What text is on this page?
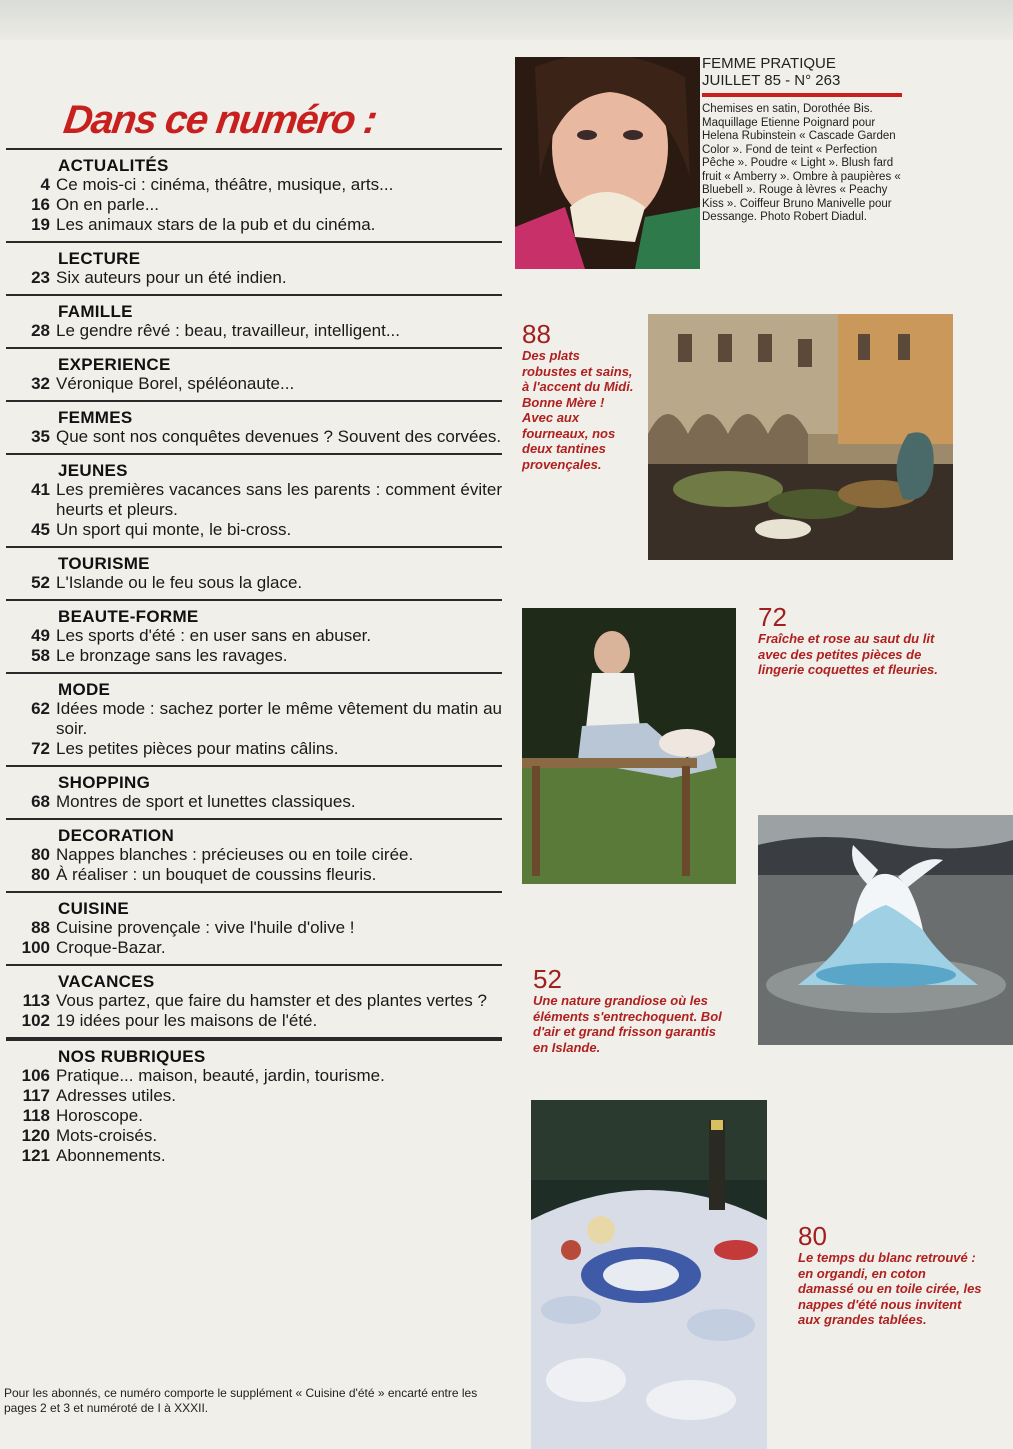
Dans ce numéro :
ACTUALITÉS
4 Ce mois-ci : cinéma, théâtre, musique, arts...
16 On en parle...
19 Les animaux stars de la pub et du cinéma.
LECTURE
23 Six auteurs pour un été indien.
FAMILLE
28 Le gendre rêvé : beau, travailleur, intelligent...
EXPERIENCE
32 Véronique Borel, spéléonaute...
FEMMES
35 Que sont nos conquêtes devenues ? Souvent des corvées.
JEUNES
41 Les premières vacances sans les parents : comment éviter heurts et pleurs.
45 Un sport qui monte, le bi-cross.
TOURISME
52 L'Islande ou le feu sous la glace.
BEAUTE-FORME
49 Les sports d'été : en user sans en abuser.
58 Le bronzage sans les ravages.
MODE
62 Idées mode : sachez porter le même vêtement du matin au soir.
72 Les petites pièces pour matins câlins.
SHOPPING
68 Montres de sport et lunettes classiques.
DECORATION
80 Nappes blanches : précieuses ou en toile cirée.
80 À réaliser : un bouquet de coussins fleuris.
CUISINE
88 Cuisine provençale : vive l'huile d'olive !
100 Croque-Bazar.
VACANCES
113 Vous partez, que faire du hamster et des plantes vertes ?
102 19 idées pour les maisons de l'été.
NOS RUBRIQUES
106 Pratique... maison, beauté, jardin, tourisme.
117 Adresses utiles.
118 Horoscope.
120 Mots-croisés.
121 Abonnements.
Pour les abonnés, ce numéro comporte le supplément « Cuisine d'été » encarté entre les pages 2 et 3 et numéroté de I à XXXII.
FEMME PRATIQUE
JUILLET 85 - N° 263
Chemises en satin, Dorothée Bis. Maquillage Etienne Poignard pour Helena Rubinstein « Cascade Garden Color ». Fond de teint « Perfection Pêche ». Poudre « Light ». Blush fard fruit « Amberry ». Ombre à paupières « Bluebell ». Rouge à lèvres « Peachy Kiss ». Coiffeur Bruno Manivelle pour Dessange. Photo Robert Diadul.
88
Des plats robustes et sains, à l'accent du Midi. Bonne Mère ! Avec aux fourneaux, nos deux tantines provençales.
72
Fraîche et rose au saut du lit avec des petites pièces de lingerie coquettes et fleuries.
52
Une nature grandiose où les éléments s'entrechoquent. Bol d'air et grand frisson garantis en Islande.
80
Le temps du blanc retrouvé : en organdi, en coton damassé ou en toile cirée, les nappes d'été nous invitent aux grandes tablées.
